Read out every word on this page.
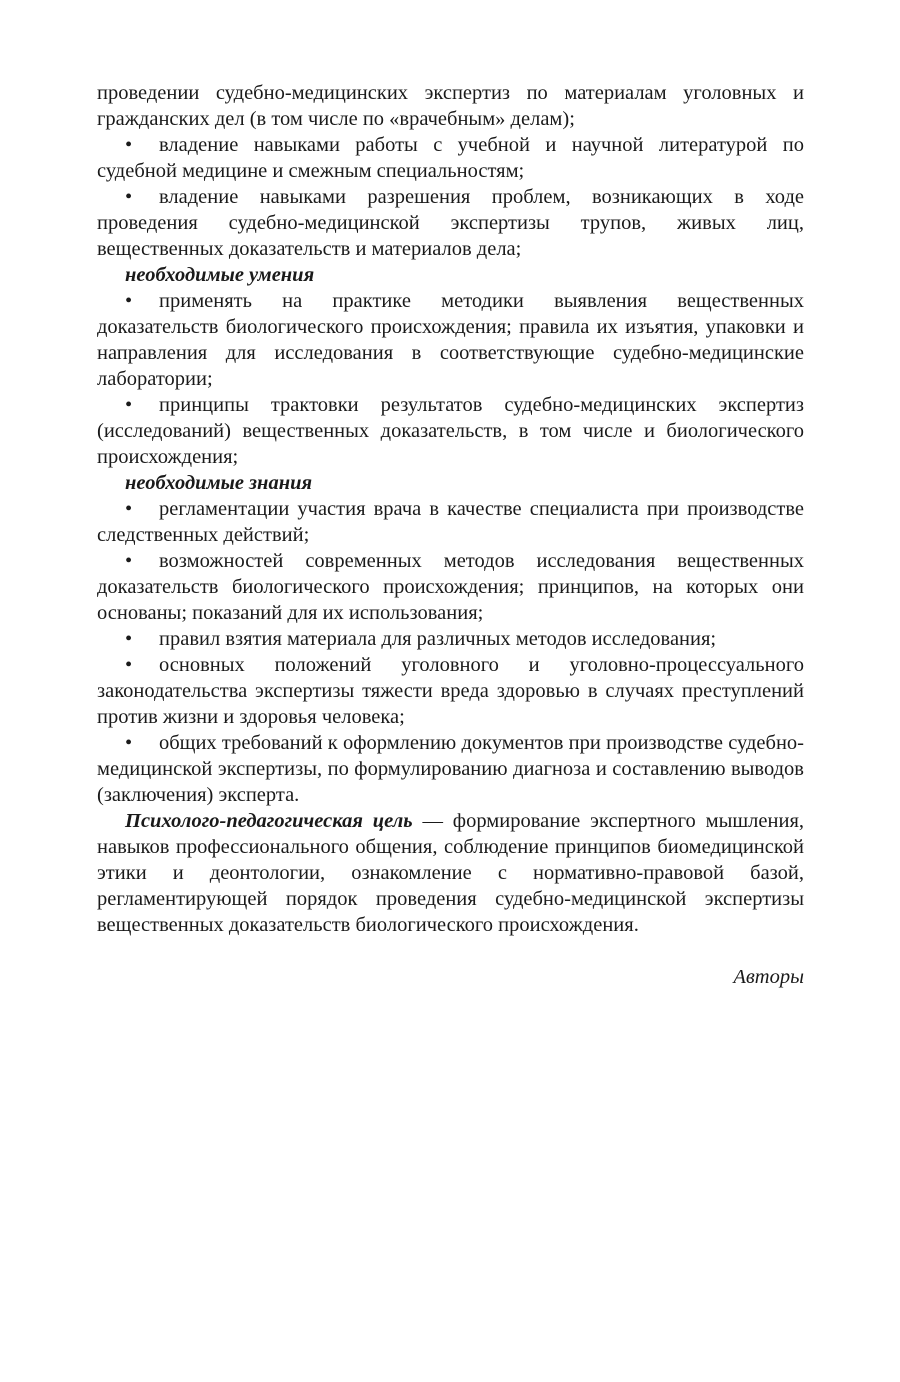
проведении судебно-медицинских экспертиз по материалам уголовных и гражданских дел (в том числе по «врачебным» делам);

• владение навыками работы с учебной и научной литературой по судебной медицине и смежным специальностям;

• владение навыками разрешения проблем, возникающих в ходе проведения судебно-медицинской экспертизы трупов, живых лиц, вещественных доказательств и материалов дела;

необходимые умения

• применять на практике методики выявления вещественных доказательств биологического происхождения; правила их изъятия, упаковки и направления для исследования в соответствующие судебно-медицинские лаборатории;

• принципы трактовки результатов судебно-медицинских экспертиз (исследований) вещественных доказательств, в том числе и биологического происхождения;

необходимые знания

• регламентации участия врача в качестве специалиста при производстве следственных действий;

• возможностей современных методов исследования вещественных доказательств биологического происхождения; принципов, на которых они основаны; показаний для их использования;

• правил взятия материала для различных методов исследования;

• основных положений уголовного и уголовно-процессуального законодательства экспертизы тяжести вреда здоровью в случаях преступлений против жизни и здоровья человека;

• общих требований к оформлению документов при производстве судебно-медицинской экспертизы, по формулированию диагноза и составлению выводов (заключения) эксперта.

Психолого-педагогическая цель — формирование экспертного мышления, навыков профессионального общения, соблюдение принципов биомедицинской этики и деонтологии, ознакомление с нормативно-правовой базой, регламентирующей порядок проведения судебно-медицинской экспертизы вещественных доказательств биологического происхождения.

Авторы
